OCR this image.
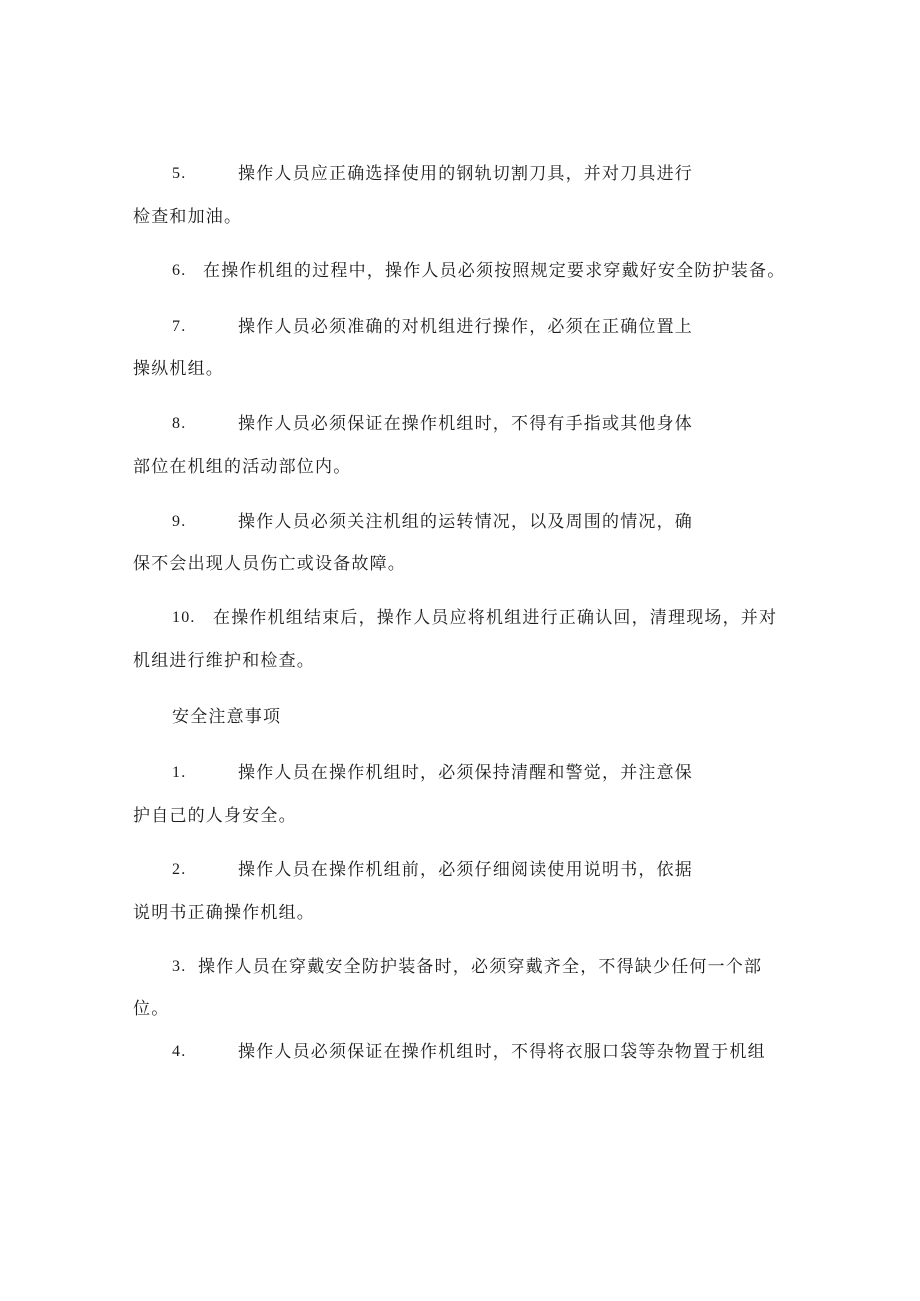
5.	操作人员应正确选择使用的钢轨切割刀具，并对刀具进行
检查和加油。
6. 在操作机组的过程中，操作人员必须按照规定要求穿戴好安全防护装备。
7.	操作人员必须准确的对机组进行操作，必须在正确位置上
操纵机组。
8.	操作人员必须保证在操作机组时，不得有手指或其他身体
部位在机组的活动部位内。
9.	操作人员必须关注机组的运转情况，以及周围的情况，确
保不会出现人员伤亡或设备故障。
10. 在操作机组结束后，操作人员应将机组进行正确认回，清理现场，并对
机组进行维护和检查。
安全注意事项
1.	操作人员在操作机组时，必须保持清醒和警觉，并注意保
护自己的人身安全。
2.	操作人员在操作机组前，必须仔细阅读使用说明书，依据
说明书正确操作机组。
3. 操作人员在穿戴安全防护装备时，必须穿戴齐全，不得缺少任何一个部
位。
4.	操作人员必须保证在操作机组时，不得将衣服口袋等杂物置于机组
